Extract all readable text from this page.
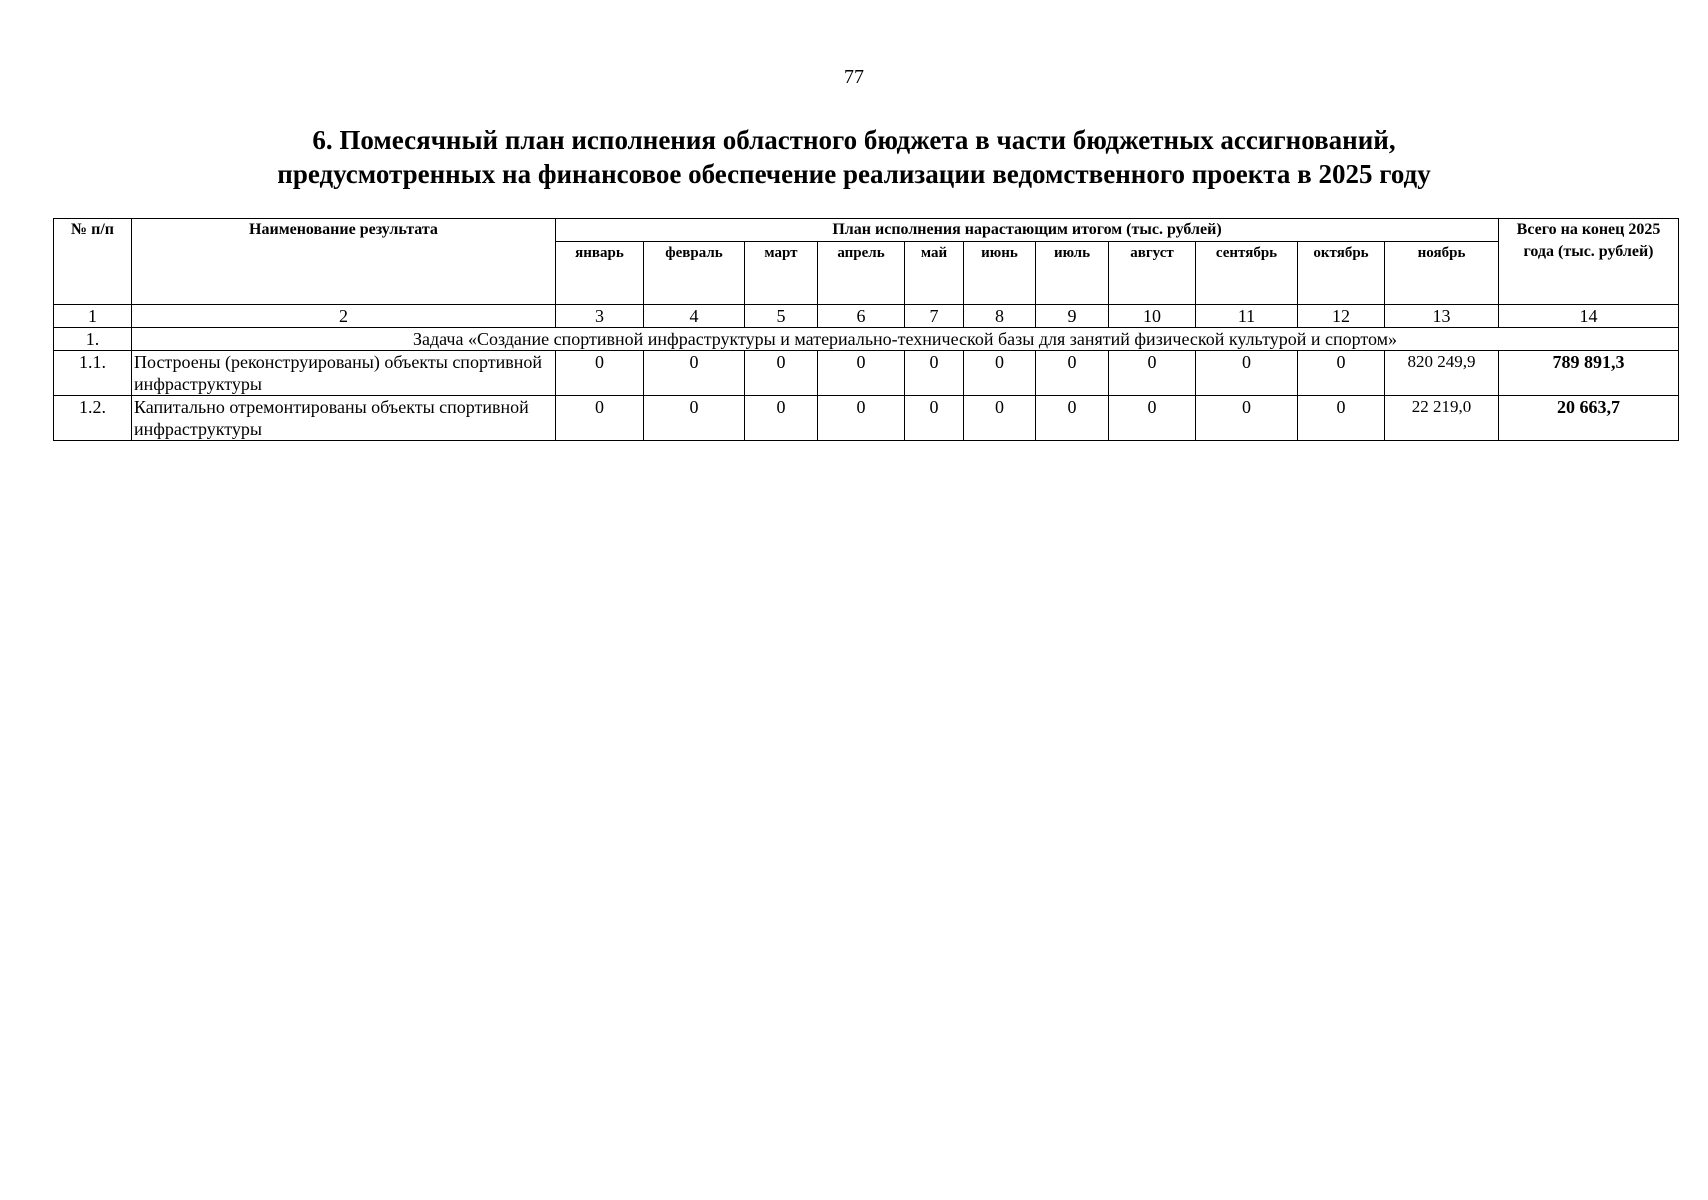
77
6. Помесячный план исполнения областного бюджета в части бюджетных ассигнований,
предусмотренных на финансовое обеспечение реализации ведомственного проекта в 2025 году
№ п/п	Наименование результата	План исполнения нарастающим итогом (тыс. рублей)											Всего на конец 2025 года (тыс. рублей)
		январь	февраль	март	апрель	май	июнь	июль	август	сентябрь	октябрь	ноябрь	
1	2	3	4	5	6	7	8	9	10	11	12	13	14
1.	Задача «Создание спортивной инфраструктуры и материально-технической базы для занятий физической культурой и спортом»												
1.1.	Построены (реконструированы) объекты спортивной инфраструктуры	0	0	0	0	0	0	0	0	0	0	820 249,9	789 891,3
1.2.	Капитально отремонтированы объекты спортивной инфраструктуры	0	0	0	0	0	0	0	0	0	0	22 219,0	20 663,7
